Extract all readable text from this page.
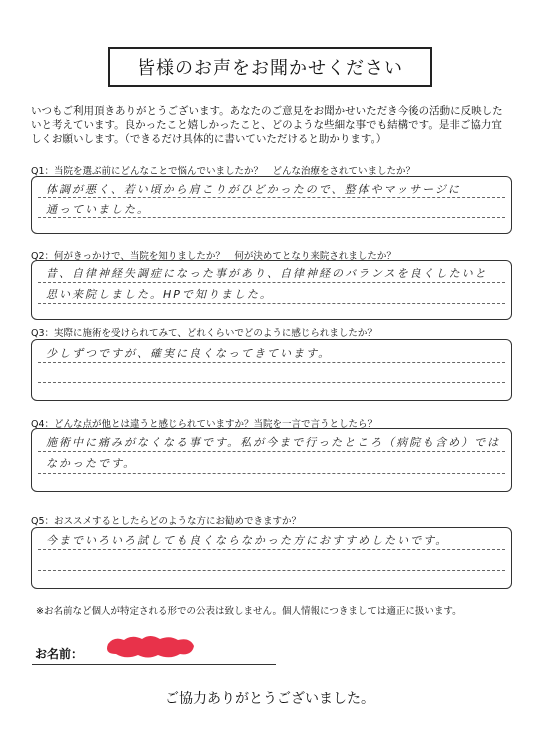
皆様のお声をお聞かせください
いつもご利用頂きありがとうございます。あなたのご意見をお聞かせいただき今後の活動に反映したいと考えています。良かったこと嬉しかったこと、どのような些細な事でも結構です。是非ご協力宜しくお願いします。（できるだけ具体的に書いていただけると助かります。）
Q1：当院を選ぶ前にどんなことで悩んでいましたか？　どんな治療をされていましたか？
体調が悪く、若い頃から肩こりがひどかったので、整体やマッサージに
通っていました。
Q2：何がきっかけで、当院を知りましたか？　何が決めてとなり来院されましたか？
昔、自律神経失調症になった事があり、自律神経のバランスを良くしたいと
思い来院しました。HPで知りました。
Q3：実際に施術を受けられてみて、どれくらいでどのように感じられましたか？
少しずつですが、確実に良くなってきています。
Q4：どんな点が他とは違うと感じられていますか？当院を一言で言うとしたら？
施術中に痛みがなくなる事です。私が今まで行ったところ（病院も含め）では
なかったです。
Q5：おススメするとしたらどのような方にお勧めできますか？
今までいろいろ試しても良くならなかった方におすすめしたいです。
※お名前など個人が特定される形での公表は致しません。個人情報につきましては適正に扱います。
お名前：
ご協力ありがとうございました。
